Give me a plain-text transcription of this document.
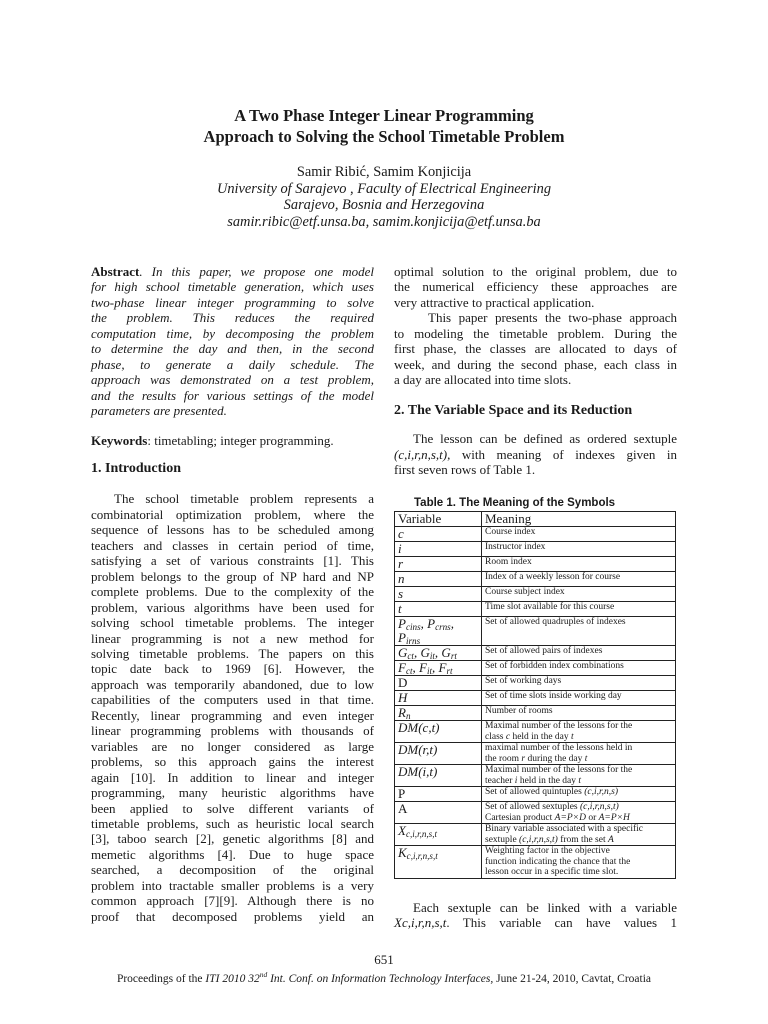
A Two Phase Integer Linear Programming
Approach to Solving the School Timetable Problem
Samir Ribić, Samim Konjicija
University of Sarajevo , Faculty of Electrical Engineering
Sarajevo, Bosnia and Herzegovina
samir.ribic@etf.unsa.ba, samim.konjicija@etf.unsa.ba

Abstract. In this paper, we propose one model

for high school timetable generation, which uses

two-phase linear integer programming to solve

the problem. This reduces the required

computation time, by decomposing the problem

to determine the day and then, in the second

phase, to generate a daily schedule. The

approach was demonstrated on a test problem,

and the results for various settings of the model

parameters are presented.

Keywords: timetabling; integer programming.

1. Introduction

The school timetable problem represents a

combinatorial optimization problem, where the

sequence of lessons has to be scheduled among

teachers and classes in certain period of time,

satisfying a set of various constraints [1]. This

problem belongs to the group of NP hard and NP

complete problems. Due to the complexity of the

problem, various algorithms have been used for

solving school timetable problems. The integer

linear programming is not a new method for

solving timetable problems. The papers on this

topic date back to 1969 [6]. However, the

approach was temporarily abandoned, due to low

capabilities of the computers used in that time.

Recently, linear programming and even integer

linear programming problems with thousands of

variables are no longer considered as large

problems, so this approach gains the interest

again [10]. In addition to linear and integer

programming, many heuristic algorithms have

been applied to solve different variants of

timetable problems, such as heuristic local search

[3], taboo search [2], genetic algorithms [8] and

memetic algorithms [4]. Due to huge space

searched, a decomposition of the original

problem into tractable smaller problems is a very

common approach [7][9]. Although there is no

proof that decomposed problems yield an

optimal solution to the original problem, due to

the numerical efficiency these approaches are

very attractive to practical application.

This paper presents the two-phase approach

to modeling the timetable problem. During the

first phase, the classes are allocated to days of

week, and during the second phase, each class in

a day are allocated into time slots.

2. The Variable Space and its Reduction

The lesson can be defined as ordered sextuple

(c,i,r,n,s,t), with meaning of indexes given in

first seven rows of Table 1.

Table 1. The Meaning of the Symbols
Variable	Meaning
c	Course index
i	Instructor index
r	Room index
n	Index of a weekly lesson for course
s	Course subject index
t	Time slot available for this course
$P_{cins}$, $P_{crns}$, $P_{irns}$	Set of allowed quadruples of indexes
$G_{ct}$, $G_{it}$, $G_{rt}$	Set of allowed pairs of indexes
$F_{ct}$, $F_{it}$, $F_{rt}$	Set of forbidden index combinations
D	Set of working days
H	Set of time slots inside working day
$R_n$	Number of rooms
DM(c,t)	Maximal number of the lessons for the
class c held in the day t
DM(r,t)	maximal number of the lessons held in
the room r during the day t
DM(i,t)	Maximal number of the lessons for the
teacher i held in the day t
P	Set of allowed quintuples (c,i,r,n,s)
A	Set of allowed sextuples (c,i,r,n,s,t)
Cartesian product A=P×D or A=P×H
$X_{c,i,r,n,s,t}$	Binary variable associated with a specific
sextuple (c,i,r,n,s,t) from the set A
$K_{c,i,r,n,s,t}$	Weighting factor in the objective
function indicating the chance that the
lesson occur in a specific time slot.

Each sextuple can be linked with a variable

Xc,i,r,n,s,t. This variable can have values 1

651
Proceedings of the ITI 2010 32nd Int. Conf. on Information Technology Interfaces, June 21-24, 2010, Cavtat, Croatia
